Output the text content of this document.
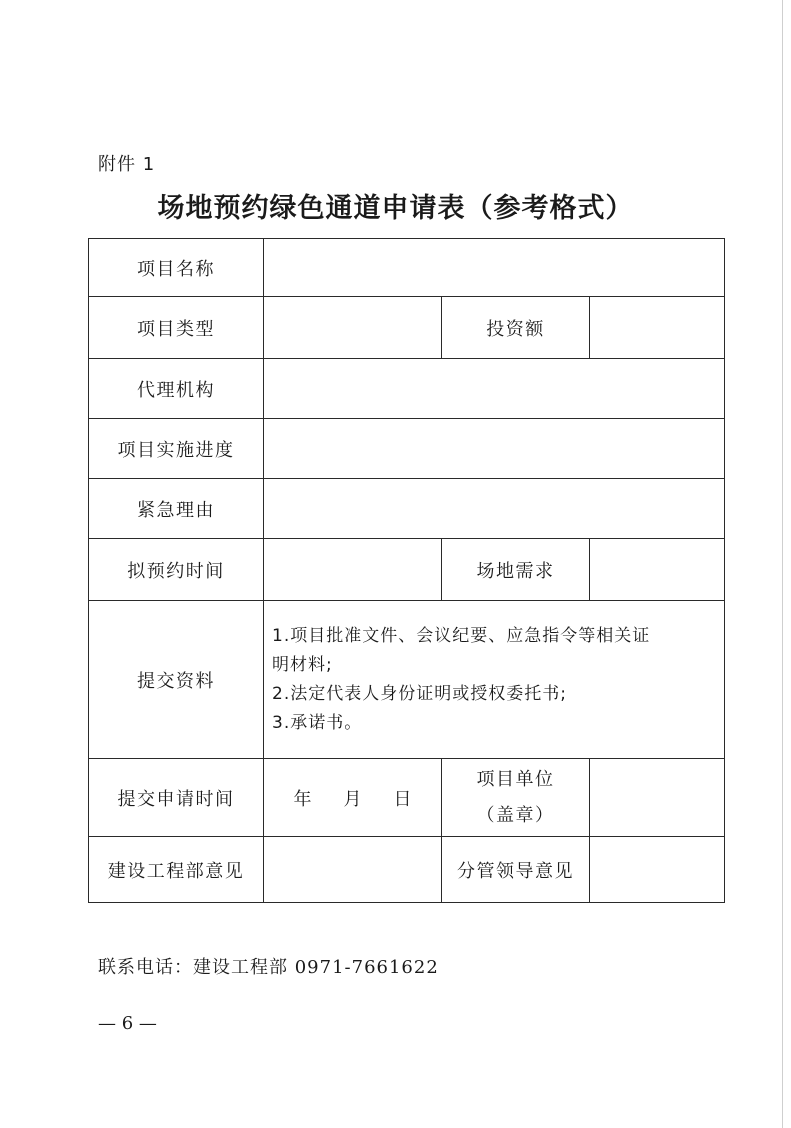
附件 1
场地预约绿色通道申请表（参考格式）
项目名称			
项目类型		投资额	
代理机构			
项目实施进度			
紧急理由			
拟预约时间		场地需求	
提交资料	1.项目批准文件、会议纪要、应急指令等相关证
明材料;
2.法定代表人身份证明或授权委托书;
3.承诺书。		

提交申请时间	年 月 日	项目单位
（盖章）	

建设工程部意见		分管领导意见	
联系电话：建设工程部 0971-7661622
— 6 —
